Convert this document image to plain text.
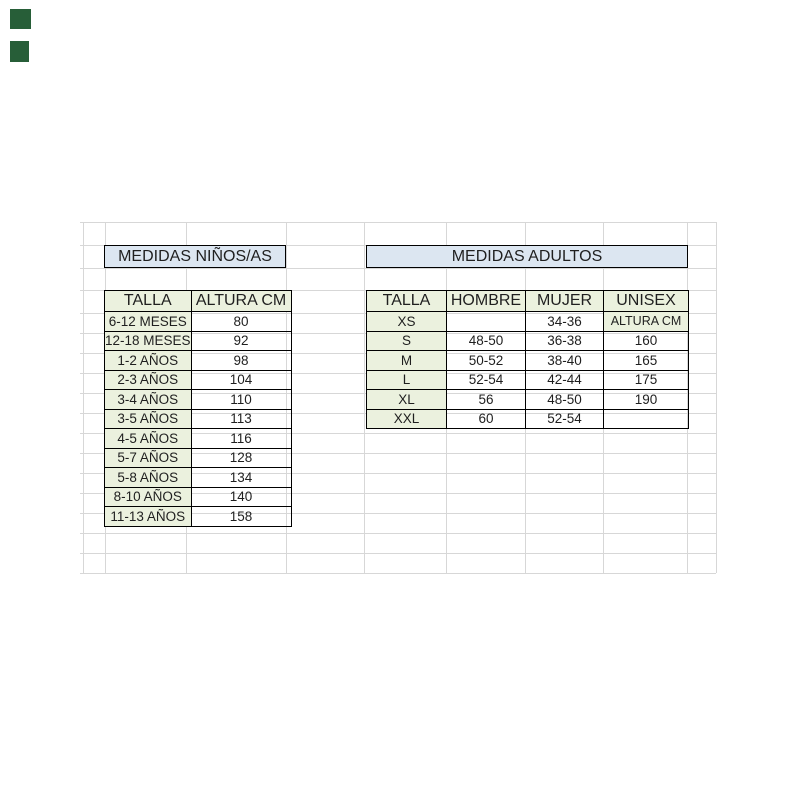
MEDIDAS NIÑOS/AS	MEDIDAS ADULTOS
TALLA	ALTURA CM
6-12 MESES	80
12-18 MESES	92
1-2 AÑOS	98
2-3 AÑOS	104
3-4 AÑOS	110
3-5 AÑOS	113
4-5 AÑOS	116
5-7 AÑOS	128
5-8 AÑOS	134
8-10 AÑOS	140
11-13 AÑOS	158
TALLA	HOMBRE	MUJER	UNISEX
XS		34-36	ALTURA CM
S	48-50	36-38	160
M	50-52	38-40	165
L	52-54	42-44	175
XL	56	48-50	190
XXL	60	52-54	
